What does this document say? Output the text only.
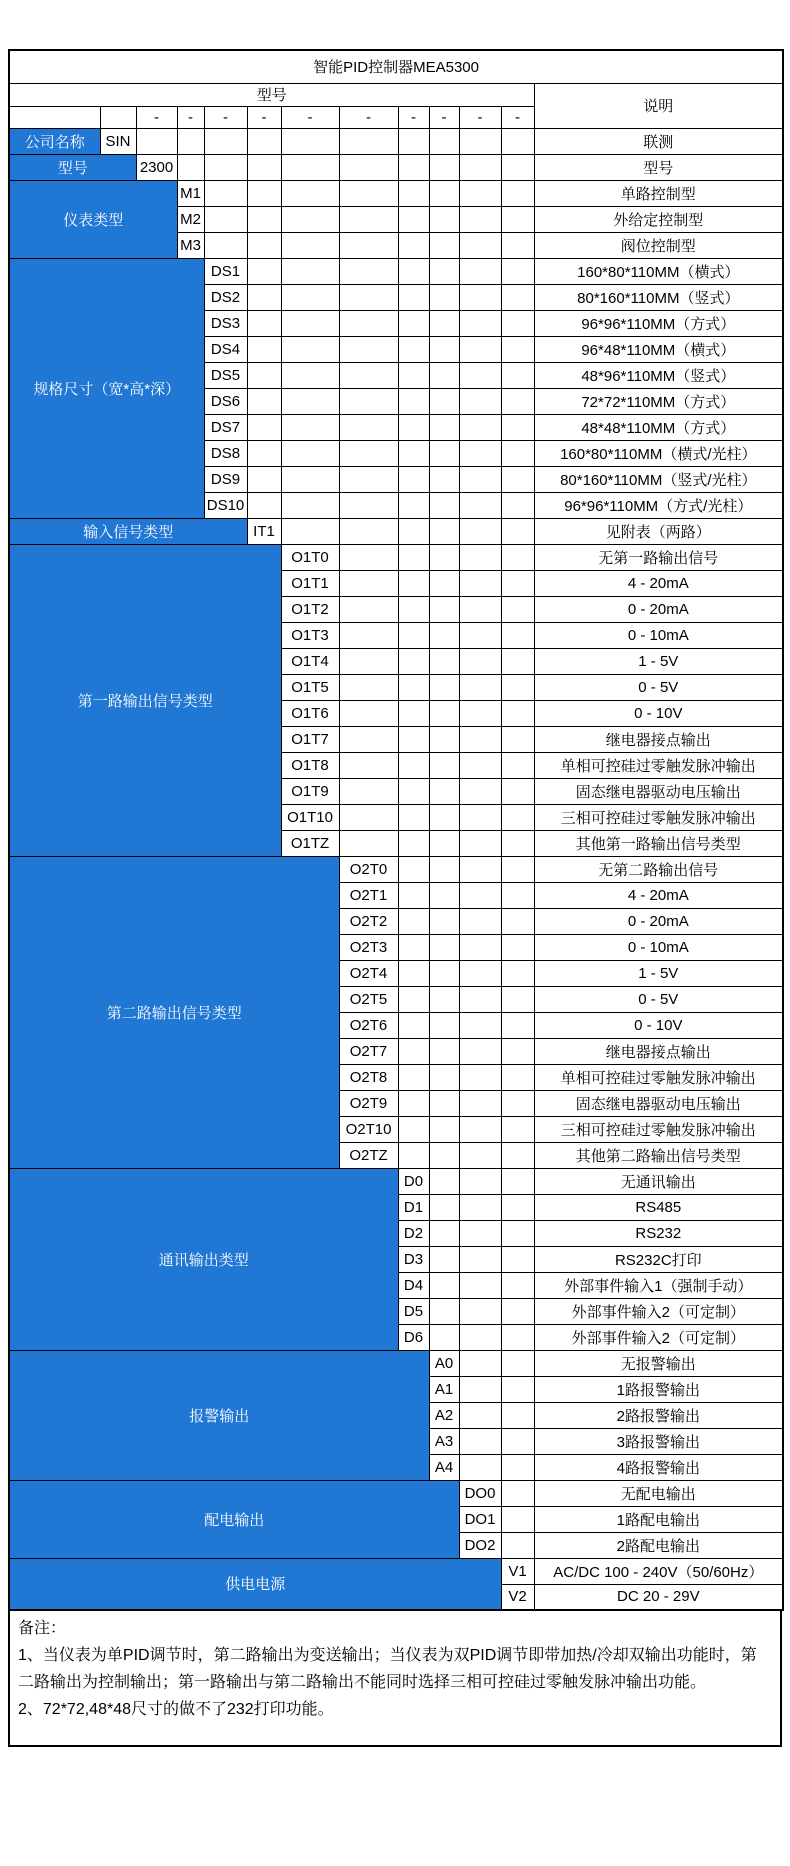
智能PID控制器MEA5300												
型号												说明
		-	-	-	-	-	-	-	-	-	-	
公司名称	SIN											联测
型号		2300										型号
仪表类型			M1									单路控制型
			M2									外给定控制型
			M3									阀位控制型
规格尺寸（宽*高*深）				DS1								160*80*110MM（横式）
				DS2								80*160*110MM（竖式）
				DS3								96*96*110MM（方式）
				DS4								96*48*110MM（横式）
				DS5								48*96*110MM（竖式）
				DS6								72*72*110MM（方式）
				DS7								48*48*110MM（方式）
				DS8								160*80*110MM（横式/光柱）
				DS9								80*160*110MM（竖式/光柱）
				DS10								96*96*110MM（方式/光柱）
输入信号类型					IT1							见附表（两路）
第一路输出信号类型						O1T0						无第一路输出信号
						O1T1						4 - 20mA
						O1T2						0 - 20mA
						O1T3						0 - 10mA
						O1T4						1 - 5V
						O1T5						0 - 5V
						O1T6						0 - 10V
						O1T7						继电器接点输出
						O1T8						单相可控硅过零触发脉冲输出
						O1T9						固态继电器驱动电压输出
						O1T10						三相可控硅过零触发脉冲输出
						O1TZ						其他第一路输出信号类型
第二路输出信号类型							O2T0					无第二路输出信号
							O2T1					4 - 20mA
							O2T2					0 - 20mA
							O2T3					0 - 10mA
							O2T4					1 - 5V
							O2T5					0 - 5V
							O2T6					0 - 10V
							O2T7					继电器接点输出
							O2T8					单相可控硅过零触发脉冲输出
							O2T9					固态继电器驱动电压输出
							O2T10					三相可控硅过零触发脉冲输出
							O2TZ					其他第二路输出信号类型
通讯输出类型								D0				无通讯输出
								D1				RS485
								D2				RS232
								D3				RS232C打印
								D4				外部事件输入1（强制手动）
								D5				外部事件输入2（可定制）
								D6				外部事件输入2（可定制）
报警输出									A0			无报警输出
									A1			1路报警输出
									A2			2路报警输出
									A3			3路报警输出
									A4			4路报警输出
配电输出										DO0		无配电输出
										DO1		1路配电输出
										DO2		2路配电输出
供电电源											V1	AC/DC 100 - 240V（50/60Hz）
											V2	DC 20 - 29V

备注：

1、当仪表为单PID调节时，第二路输出为变送输出；当仪表为双PID调节即带加热/冷却双输出功能时，第二路输出为控制输出；第一路输出与第二路输出不能同时选择三相可控硅过零触发脉冲输出功能。

2、72*72,48*48尺寸的做不了232打印功能。
